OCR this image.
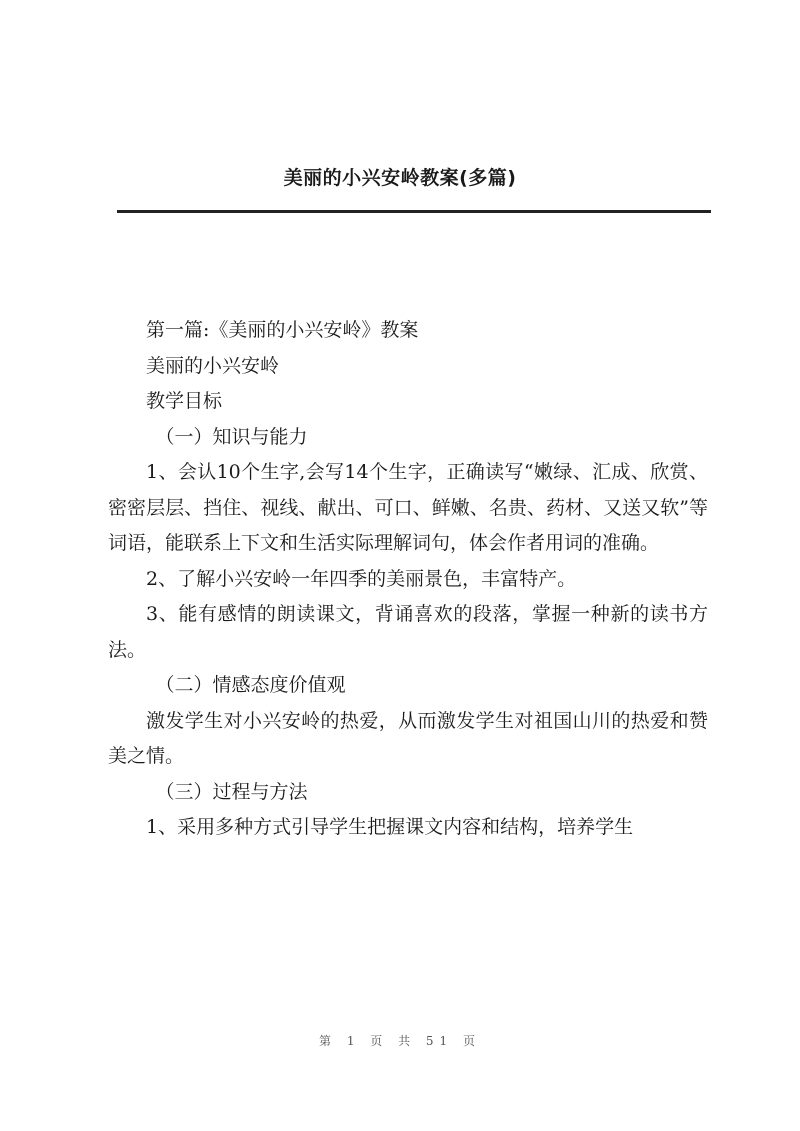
美丽的小兴安岭教案(多篇)

第一篇:《美丽的小兴安岭》教案

美丽的小兴安岭

教学目标

（一）知识与能力

1、会认10个生字,会写14个生字，正确读写“嫩绿、汇成、欣赏、密密层层、挡住、视线、献出、可口、鲜嫩、名贵、药材、又送又软”等词语，能联系上下文和生活实际理解词句，体会作者用词的准确。

2、了解小兴安岭一年四季的美丽景色，丰富特产。

3、能有感情的朗读课文，背诵喜欢的段落，掌握一种新的读书方法。

（二）情感态度价值观

激发学生对小兴安岭的热爱，从而激发学生对祖国山川的热爱和赞美之情。

（三）过程与方法

1、采用多种方式引导学生把握课文内容和结构，培养学生

第 1 页 共 51 页
